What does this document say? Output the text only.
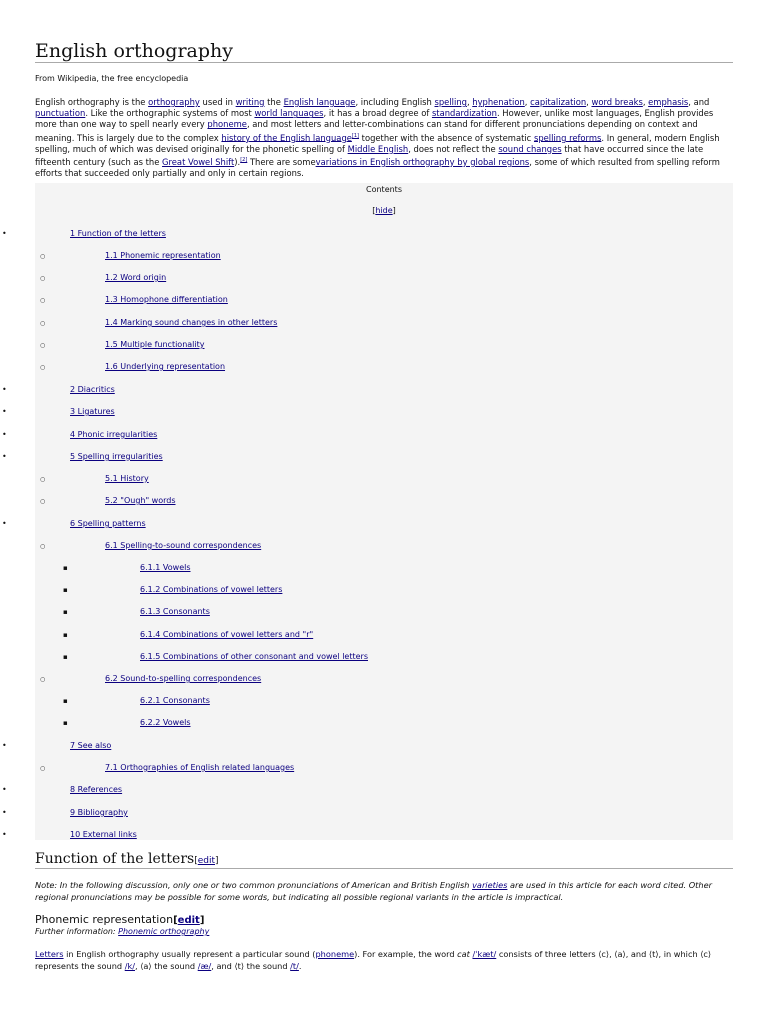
English orthography
From Wikipedia, the free encyclopedia
English orthography is the orthography used in writing the English language, including English spelling, hyphenation, capitalization, word breaks, emphasis, and punctuation. Like the orthographic systems of most world languages, it has a broad degree of standardization. However, unlike most languages, English provides more than one way to spell nearly every phoneme, and most letters and letter-combinations can stand for different pronunciations depending on context and meaning. This is largely due to the complex history of the English language[1] together with the absence of systematic spelling reforms. In general, modern English spelling, much of which was devised originally for the phonetic spelling of Middle English, does not reflect the sound changes that have occurred since the late fifteenth century (such as the Great Vowel Shift).[2] There are somevariations in English orthography by global regions, some of which resulted from spelling reform efforts that succeeded only partially and only in certain regions.
Contents
[hide]
•
1 Function of the letters
○
1.1 Phonemic representation
○
1.2 Word origin
○
1.3 Homophone differentiation
○
1.4 Marking sound changes in other letters
○
1.5 Multiple functionality
○
1.6 Underlying representation
•
2 Diacritics
•
3 Ligatures
•
4 Phonic irregularities
•
5 Spelling irregularities
○
5.1 History
○
5.2 "Ough" words
•
6 Spelling patterns
○
6.1 Spelling-to-sound correspondences
▪
6.1.1 Vowels
▪
6.1.2 Combinations of vowel letters
▪
6.1.3 Consonants
▪
6.1.4 Combinations of vowel letters and "r"
▪
6.1.5 Combinations of other consonant and vowel letters
○
6.2 Sound-to-spelling correspondences
▪
6.2.1 Consonants
▪
6.2.2 Vowels
•
7 See also
○
7.1 Orthographies of English related languages
•
8 References
•
9 Bibliography
•
10 External links
Function of the letters[edit]
Note: In the following discussion, only one or two common pronunciations of American and British English varieties are used in this article for each word cited. Other regional pronunciations may be possible for some words, but indicating all possible regional variants in the article is impractical.
Phonemic representation[edit]
Further information: Phonemic orthography
Letters in English orthography usually represent a particular sound (phoneme). For example, the word cat /ˈkæt/ consists of three letters ⟨c⟩, ⟨a⟩, and ⟨t⟩, in which ⟨c⟩represents the sound /k/, ⟨a⟩ the sound /æ/, and ⟨t⟩ the sound /t/.
